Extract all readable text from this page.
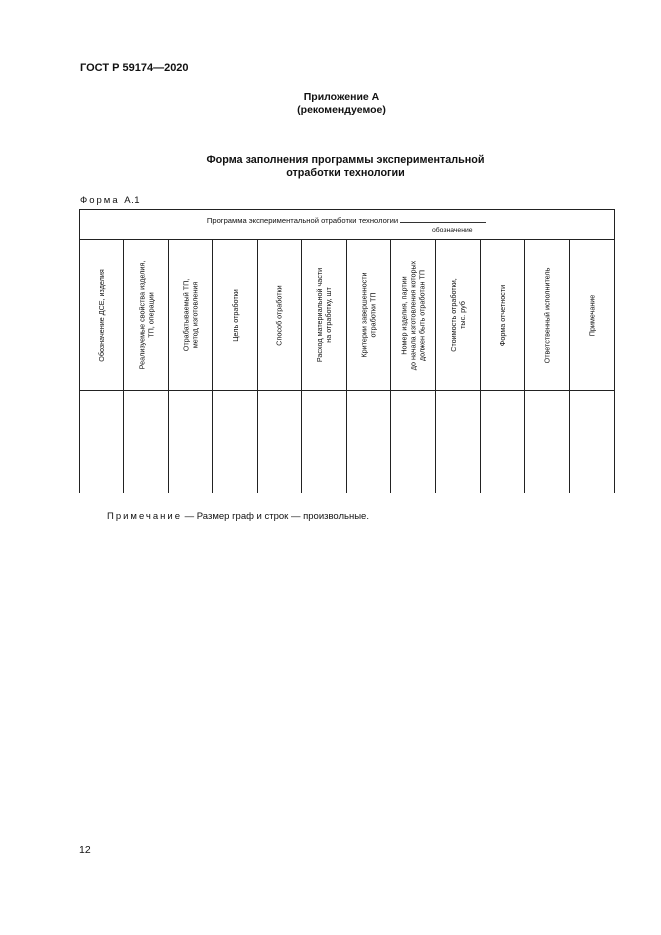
ГОСТ Р 59174—2020
Приложение А
(рекомендуемое)
Форма заполнения программы экспериментальной
отработки технологии
Форма А.1
Программа экспериментальной отработки технологии
обозначение
Обозначение ДСЕ, изделия	Реализуемые свойства изделия, ТП, операции	Отрабатываемый ТП, метод изготовления	Цель отработки	Способ отработки	Расход материальной части на отработку, шт	Критерии завершенности отработки ТП	Номер изделия, партии до начала изготовления которых должен быть отработан ТП	Стоимость отработки, тыс. руб	Форма отчетности	Ответственный исполнитель	Примечание
Примечание — Размер граф и строк — произвольные.
12
